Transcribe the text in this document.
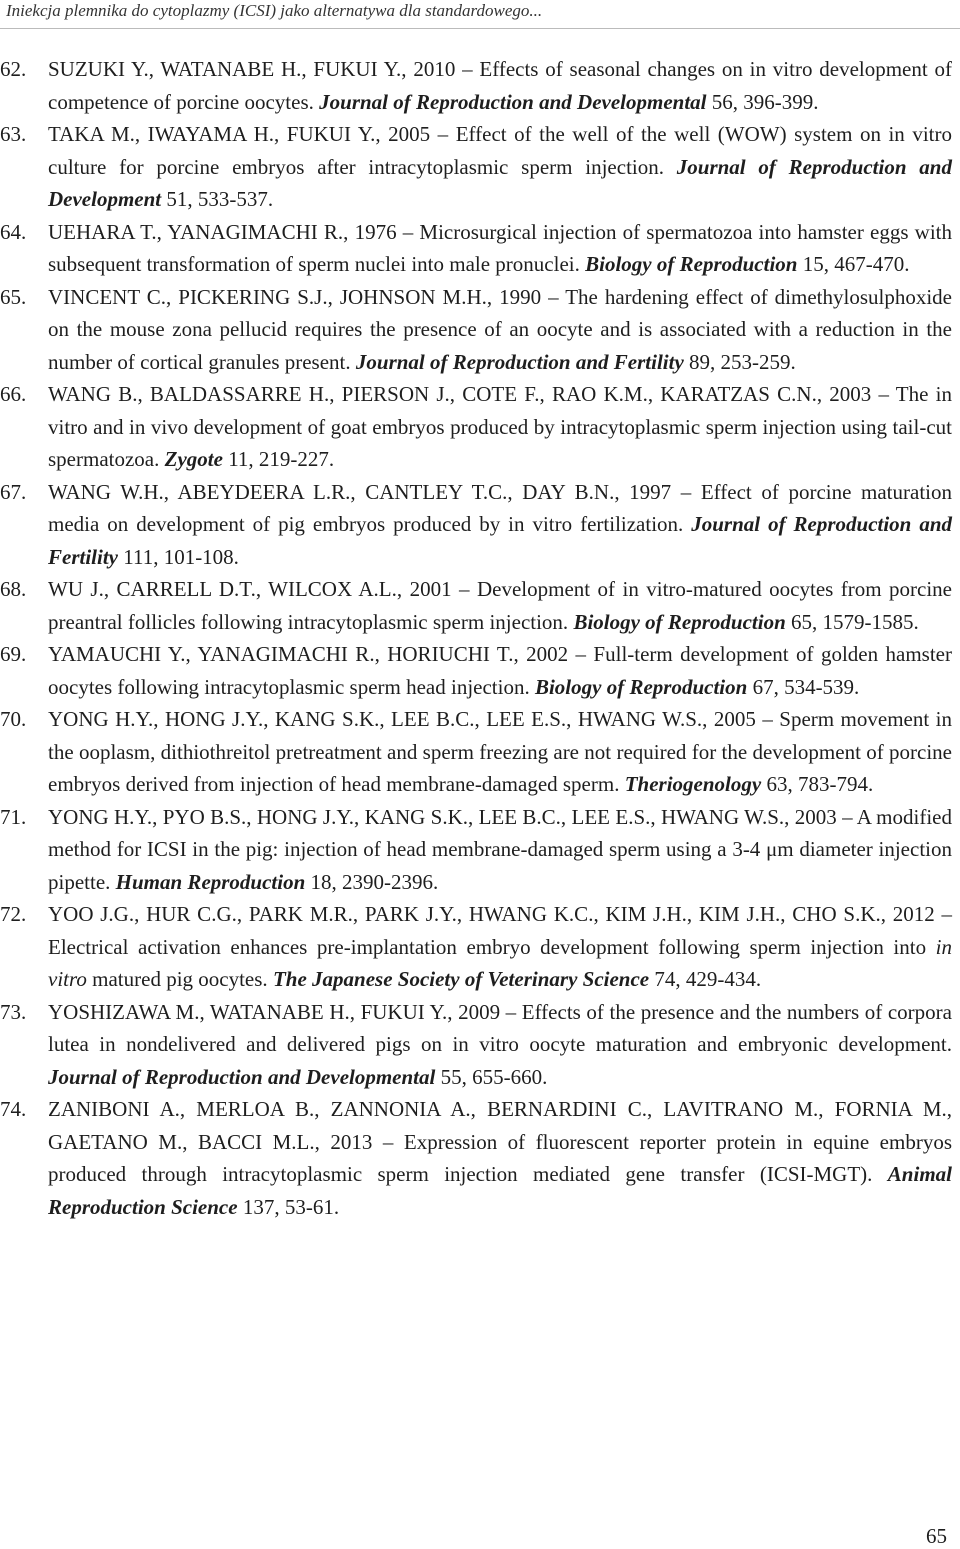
Iniekcja plemnika do cytoplazmy (ICSI) jako alternatywa dla standardowego...
62. SUZUKI Y., WATANABE H., FUKUI Y., 2010 – Effects of seasonal changes on in vitro development of competence of porcine oocytes. Journal of Reproduction and Developmental 56, 396-399.
63. TAKA M., IWAYAMA H., FUKUI Y., 2005 – Effect of the well of the well (WOW) system on in vitro culture for porcine embryos after intracytoplasmic sperm injection. Journal of Reproduction and Development 51, 533-537.
64. UEHARA T., YANAGIMACHI R., 1976 – Microsurgical injection of spermatozoa into hamster eggs with subsequent transformation of sperm nuclei into male pronuclei. Biology of Reproduction 15, 467-470.
65. VINCENT C., PICKERING S.J., JOHNSON M.H., 1990 – The hardening effect of dimethylosulphoxide on the mouse zona pellucid requires the presence of an oocyte and is associated with a reduction in the number of cortical granules present. Journal of Reproduction and Fertility 89, 253-259.
66. WANG B., BALDASSARRE H., PIERSON J., COTE F., RAO K.M., KARATZAS C.N., 2003 – The in vitro and in vivo development of goat embryos produced by intracytoplasmic sperm injection using tail-cut spermatozoa. Zygote 11, 219-227.
67. WANG W.H., ABEYDEERA L.R., CANTLEY T.C., DAY B.N., 1997 – Effect of porcine maturation media on development of pig embryos produced by in vitro fertilization. Journal of Reproduction and Fertility 111, 101-108.
68. WU J., CARRELL D.T., WILCOX A.L., 2001 – Development of in vitro-matured oocytes from porcine preantral follicles following intracytoplasmic sperm injection. Biology of Reproduction 65, 1579-1585.
69. YAMAUCHI Y., YANAGIMACHI R., HORIUCHI T., 2002 – Full-term development of golden hamster oocytes following intracytoplasmic sperm head injection. Biology of Reproduction 67, 534-539.
70. YONG H.Y., HONG J.Y., KANG S.K., LEE B.C., LEE E.S., HWANG W.S., 2005 – Sperm movement in the ooplasm, dithiothreitol pretreatment and sperm freezing are not required for the development of porcine embryos derived from injection of head membrane-damaged sperm. Theriogenology 63, 783-794.
71. YONG H.Y., PYO B.S., HONG J.Y., KANG S.K., LEE B.C., LEE E.S., HWANG W.S., 2003 – A modified method for ICSI in the pig: injection of head membrane-damaged sperm using a 3-4 μm diameter injection pipette. Human Reproduction 18, 2390-2396.
72. YOO J.G., HUR C.G., PARK M.R., PARK J.Y., HWANG K.C., KIM J.H., KIM J.H., CHO S.K., 2012 – Electrical activation enhances pre-implantation embryo development following sperm injection into in vitro matured pig oocytes. The Japanese Society of Veterinary Science 74, 429-434.
73. YOSHIZAWA M., WATANABE H., FUKUI Y., 2009 – Effects of the presence and the numbers of corpora lutea in nondelivered and delivered pigs on in vitro oocyte maturation and embryonic development. Journal of Reproduction and Developmental 55, 655-660.
74. ZANIBONI A., MERLOA B., ZANNONIA A., BERNARDINI C., LAVITRANO M., FORNIA M., GAETANO M., BACCI M.L., 2013 – Expression of fluorescent reporter protein in equine embryos produced through intracytoplasmic sperm injection mediated gene transfer (ICSI-MGT). Animal Reproduction Science 137, 53-61.
65
